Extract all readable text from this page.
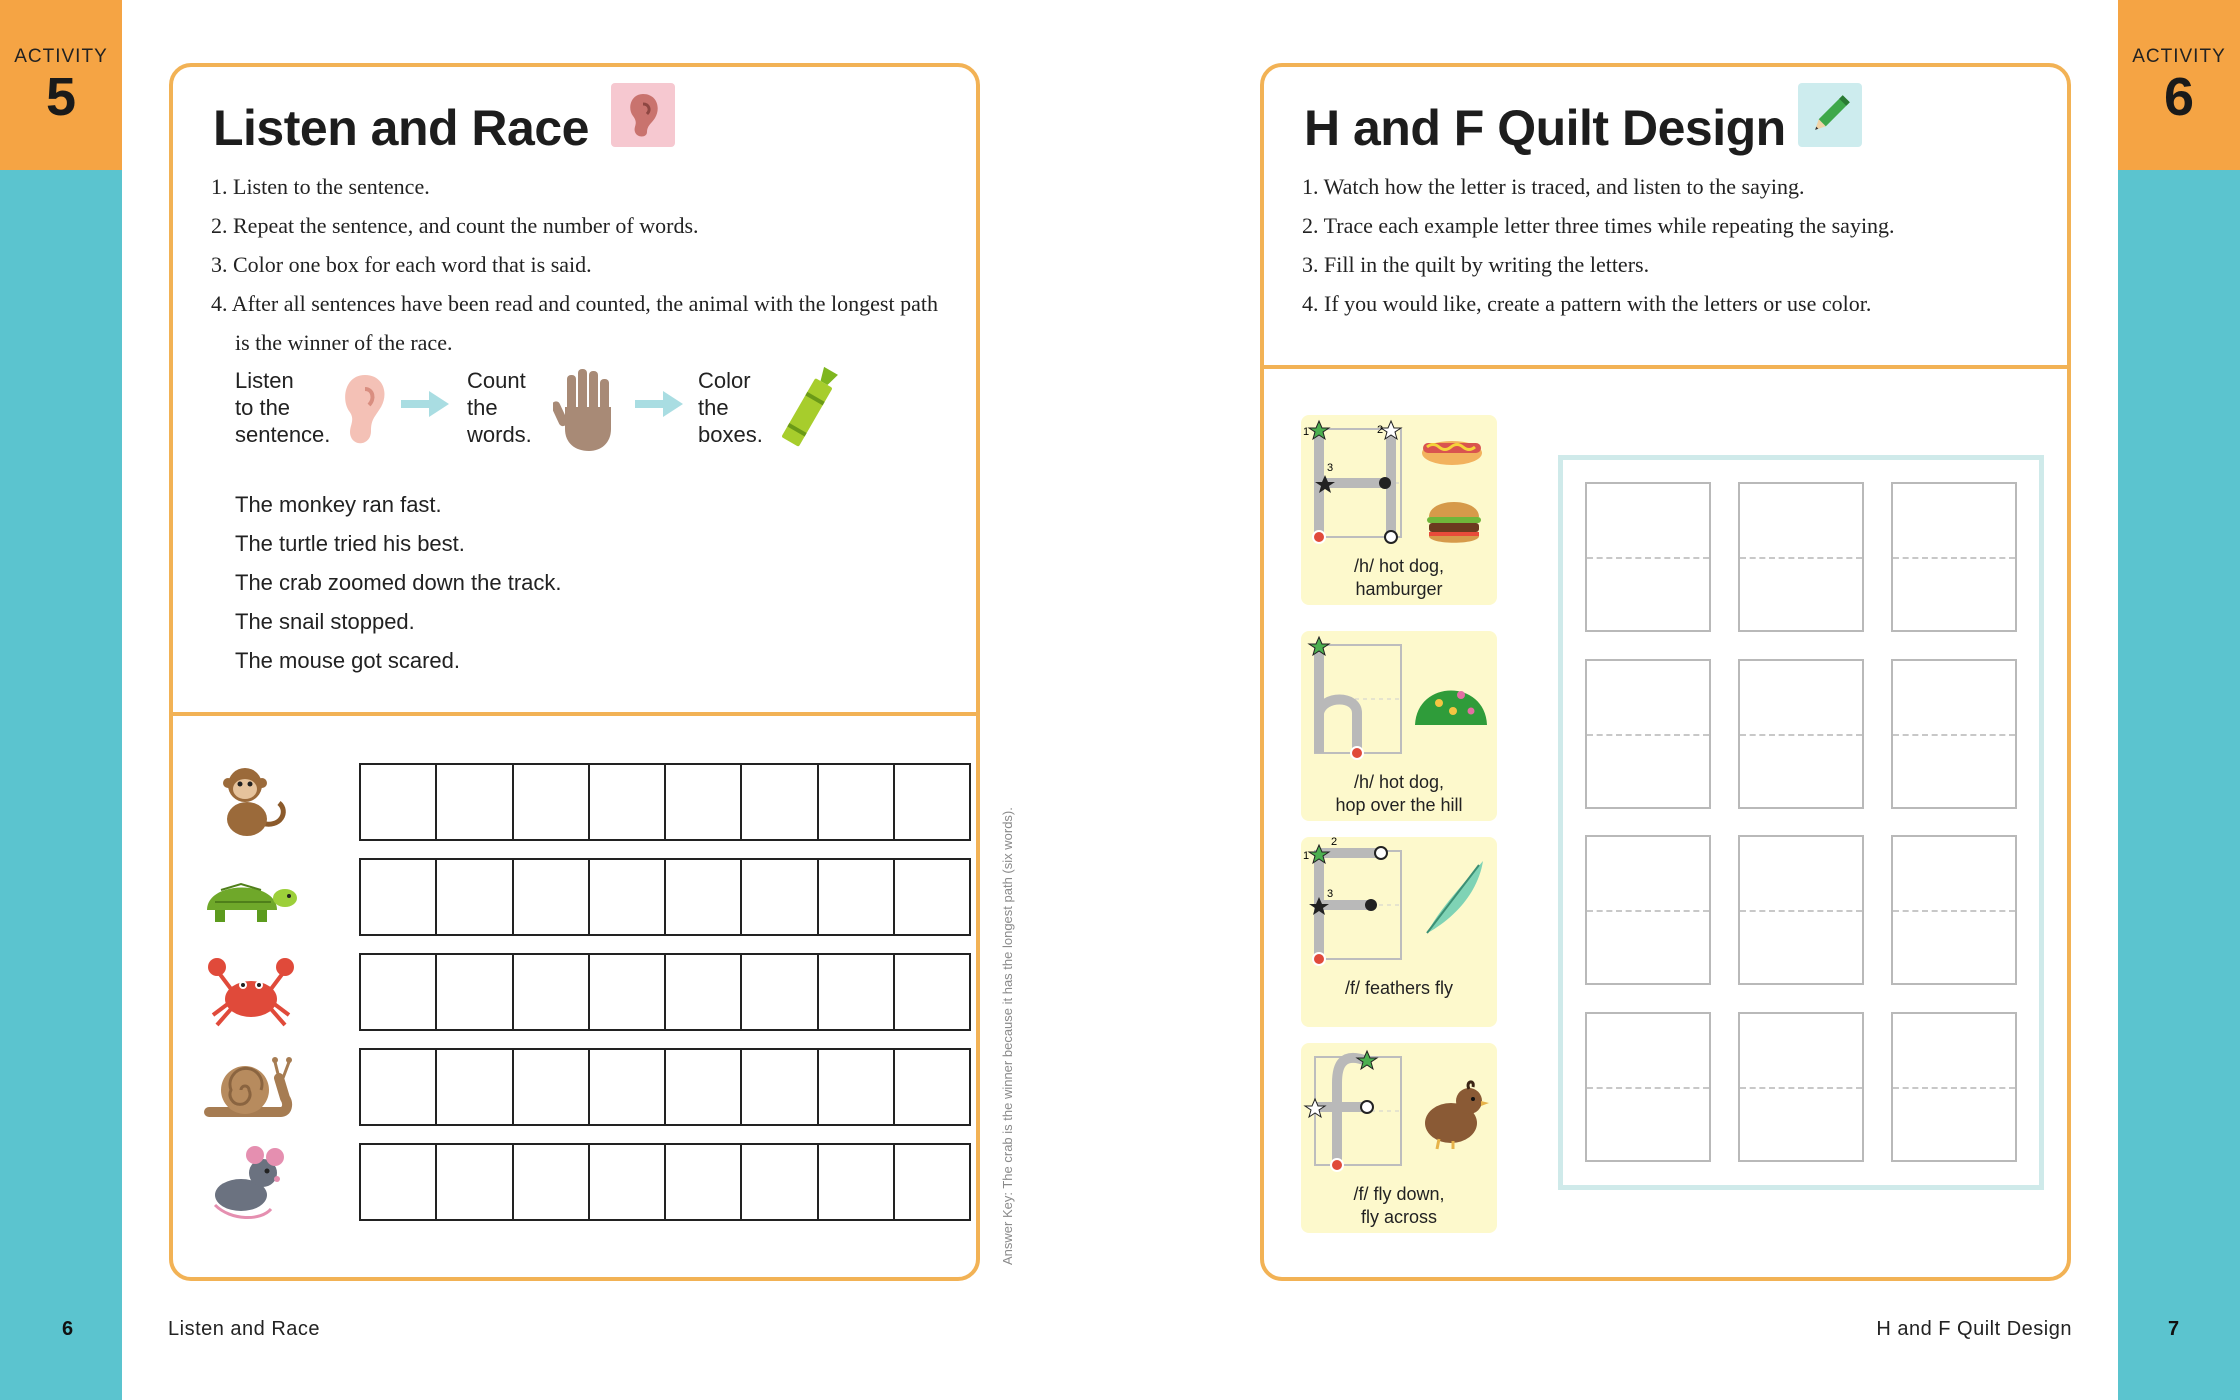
ACTIVITY
5
ACTIVITY
6
6	7
Listen and Race	H and F Quilt Design
Listen and Race
1. Listen to the sentence.
2. Repeat the sentence, and count the number of words.
3. Color one box for each word that is said.
4. After all sentences have been read and counted, the animal with the longest path is the winner of the race.
Listen
to the
sentence.
Count
the
words.
Color
the
boxes.
The monkey ran fast.
The turtle tried his best.
The crab zoomed down the track.
The snail stopped.
The mouse got scared.
Answer Key: The crab is the winner because it has the longest path (six words).
H and F Quilt Design
1. Watch how the letter is traced, and listen to the saying.
2. Trace each example letter three times while repeating the saying.
3. Fill in the quilt by writing the letters.
4. If you would like, create a pattern with the letters or use color.
1	2
3
/h/ hot dog,
hamburger
/h/ hot dog,
hop over the hill
1
2
3
/f/ feathers fly
/f/ fly down,
fly across
